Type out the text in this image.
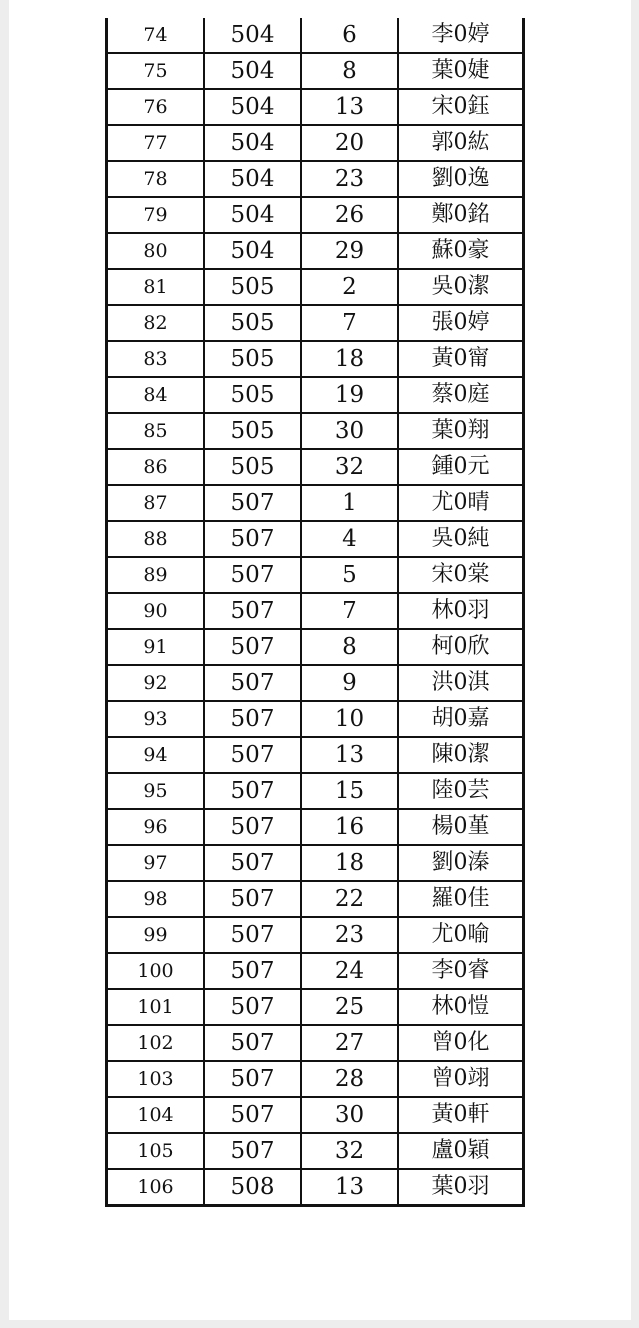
74	504	6	李0婷
75	504	8	葉0婕
76	504	13	宋0鈺
77	504	20	郭0紘
78	504	23	劉0逸
79	504	26	鄭0銘
80	504	29	蘇0豪
81	505	2	吳0潔
82	505	7	張0婷
83	505	18	黃0甯
84	505	19	蔡0庭
85	505	30	葉0翔
86	505	32	鍾0元
87	507	1	尤0晴
88	507	4	吳0純
89	507	5	宋0棠
90	507	7	林0羽
91	507	8	柯0欣
92	507	9	洪0淇
93	507	10	胡0嘉
94	507	13	陳0潔
95	507	15	陸0芸
96	507	16	楊0堇
97	507	18	劉0溱
98	507	22	羅0佳
99	507	23	尤0喻
100	507	24	李0睿
101	507	25	林0愷
102	507	27	曾0化
103	507	28	曾0翊
104	507	30	黃0軒
105	507	32	盧0穎
106	508	13	葉0羽
